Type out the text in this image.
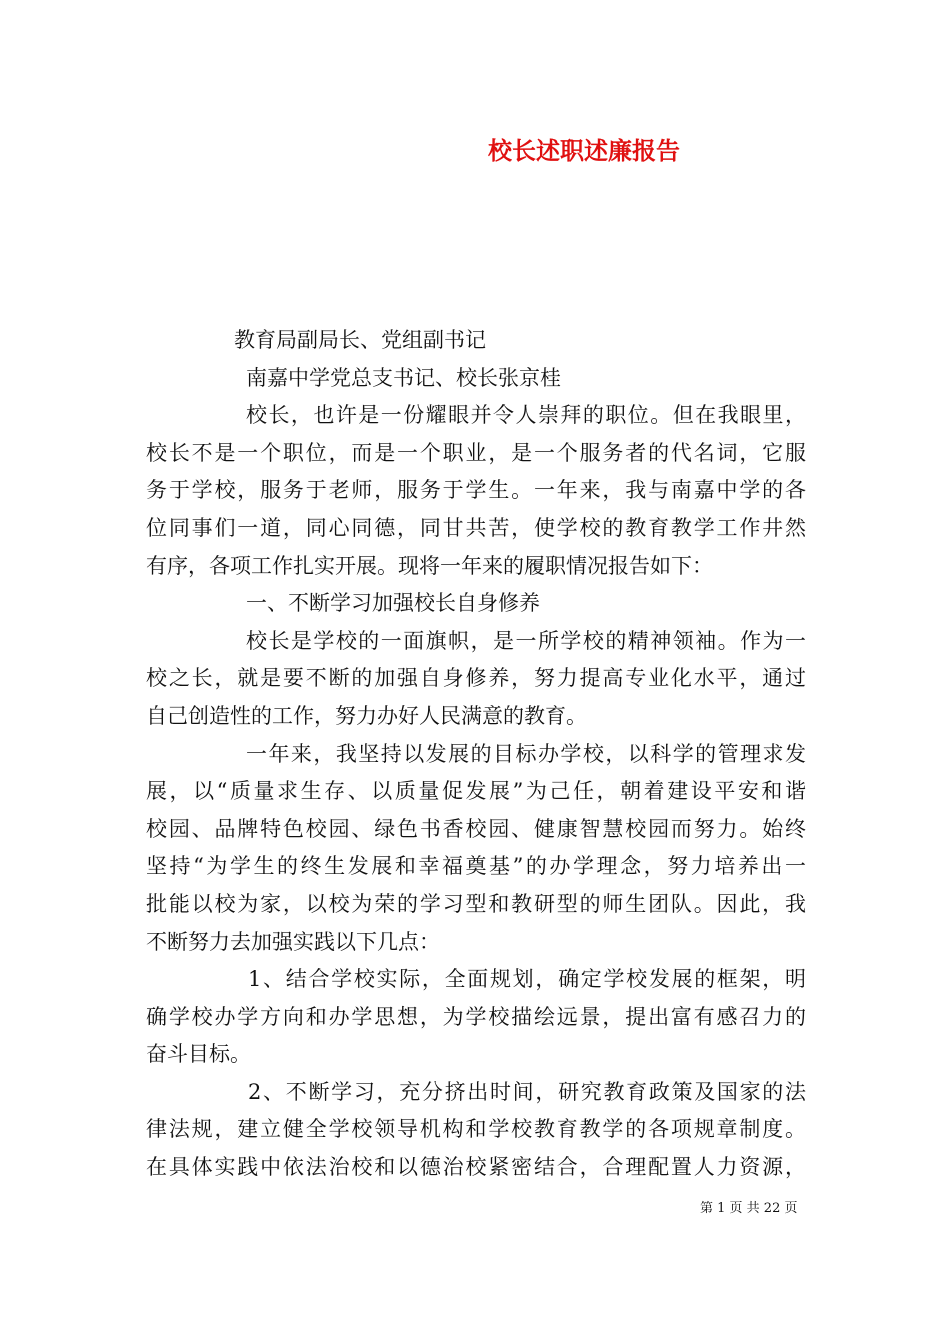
校长述职述廉报告
教育局副局长、党组副书记
南嘉中学党总支书记、校长张京桂
校长，也许是一份耀眼并令人崇拜的职位。但在我眼里，
校长不是一个职位，而是一个职业，是一个服务者的代名词，它服
务于学校，服务于老师，服务于学生。一年来，我与南嘉中学的各
位同事们一道，同心同德，同甘共苦，使学校的教育教学工作井然
有序，各项工作扎实开展。现将一年来的履职情况报告如下：
一、不断学习加强校长自身修养
校长是学校的一面旗帜，是一所学校的精神领袖。作为一
校之长，就是要不断的加强自身修养，努力提高专业化水平，通过
自己创造性的工作，努力办好人民满意的教育。
一年来，我坚持以发展的目标办学校，以科学的管理求发
展，以“质量求生存、以质量促发展”为己任，朝着建设平安和谐
校园、品牌特色校园、绿色书香校园、健康智慧校园而努力。始终
坚持“为学生的终生发展和幸福奠基”的办学理念，努力培养出一
批能以校为家，以校为荣的学习型和教研型的师生团队。因此，我
不断努力去加强实践以下几点：
1、结合学校实际，全面规划，确定学校发展的框架，明
确学校办学方向和办学思想，为学校描绘远景，提出富有感召力的
奋斗目标。
2、不断学习，充分挤出时间，研究教育政策及国家的法
律法规，建立健全学校领导机构和学校教育教学的各项规章制度。
在具体实践中依法治校和以德治校紧密结合，合理配置人力资源，
第 1 页 共 22 页
